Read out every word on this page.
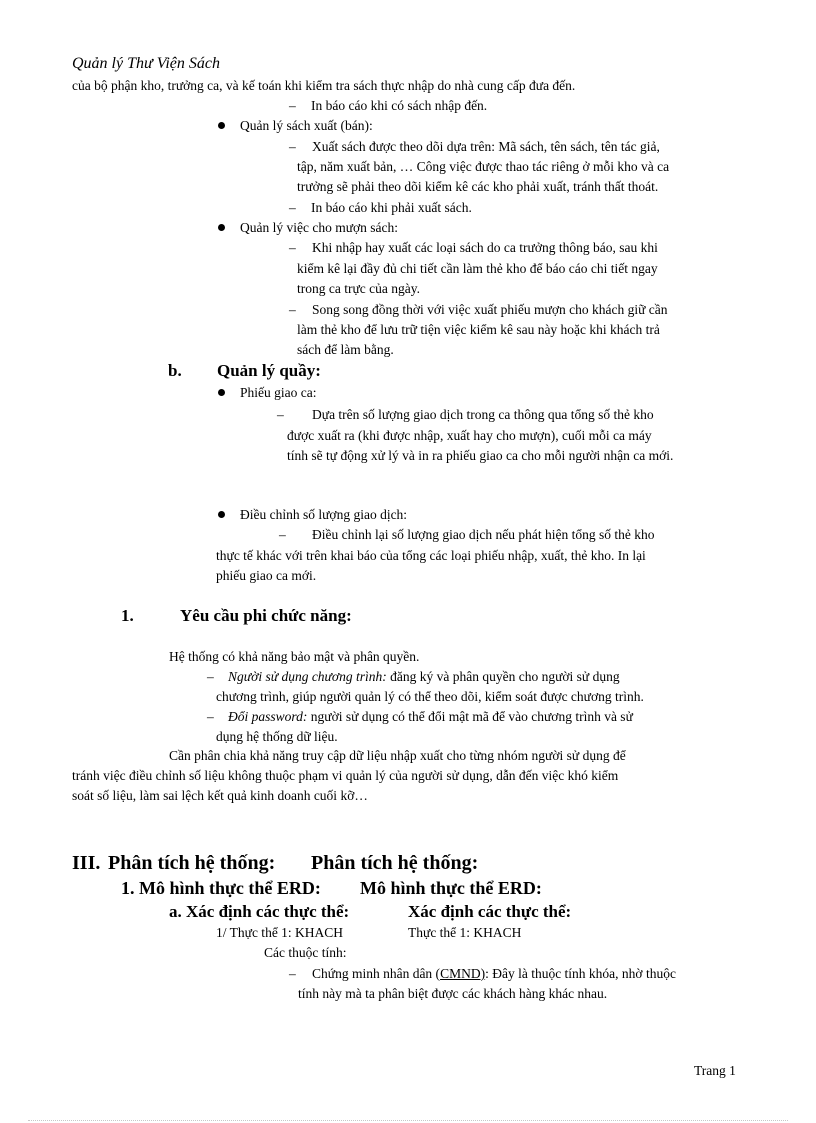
Quản lý Thư Viện Sách
của bộ phận kho, trưởng ca, và kế toán khi kiểm tra sách thực nhập do nhà cung cấp đưa đến.
– In báo cáo khi có sách nhập đến.
Quản lý sách xuất (bán):
– Xuất sách được theo dõi dựa trên: Mã sách, tên sách, tên tác giả,
tập, năm xuất bản, … Công việc được thao tác riêng ở mỗi kho và ca
trưởng sẽ phải theo dõi kiểm kê các kho phải xuất, tránh thất thoát.
– In báo cáo khi phải xuất sách.
Quản lý việc cho mượn sách:
– Khi nhập hay xuất các loại sách do ca trưởng thông báo, sau khi
kiểm kê lại đầy đủ chi tiết cần làm thẻ kho để báo cáo chi tiết ngay
trong ca trực của ngày.
– Song song đồng thời với việc xuất phiếu mượn cho khách giữ cần
làm thẻ kho để lưu trữ tiện việc kiểm kê sau này hoặc khi khách trả
sách để làm bằng.
b. Quản lý quầy:
Phiếu giao ca:
– Dựa trên số lượng giao dịch trong ca thông qua tổng số thẻ kho
được xuất ra (khi được nhập, xuất hay cho mượn), cuối mỗi ca máy
tính sẽ tự động xử lý và in ra phiếu giao ca cho mỗi người nhận ca mới.
Điều chỉnh số lượng giao dịch:
– Điều chỉnh lại số lượng giao dịch nếu phát hiện tổng số thẻ kho
thực tế khác với trên khai báo của tổng các loại phiếu nhập, xuất, thẻ kho. In lại
phiếu giao ca mới.
1.	Yêu cầu phi chức năng:
Hệ thống có khả năng bảo mật và phân quyền.
– Người sử dụng chương trình: đăng ký và phân quyền cho người sử dụng
chương trình, giúp người quản lý có thể theo dõi, kiểm soát được chương trình.
– Đổi password: người sử dụng có thể đổi mật mã để vào chương trình và sử
dụng hệ thống dữ liệu.
Cần phân chia khả năng truy cập dữ liệu nhập xuất cho từng nhóm người sử dụng để
tránh việc điều chỉnh số liệu không thuộc phạm vi quản lý của người sử dụng, dẫn đến việc khó kiểm
soát số liệu, làm sai lệch kết quả kinh doanh cuối kỡ…
III. Phân tích hệ thống: Phân tích hệ thống:
1. Mô hình thực thể ERD: Mô hình thực thể ERD:
a. Xác định các thực thể:	Xác định các thực thể:
1/ Thực thể 1: KHACH	Thực thể 1: KHACH
Các thuộc tính:
– Chứng minh nhân dân (CMND): Đây là thuộc tính khóa, nhờ thuộc
tính này mà ta phân biệt được các khách hàng khác nhau.
Trang 1
